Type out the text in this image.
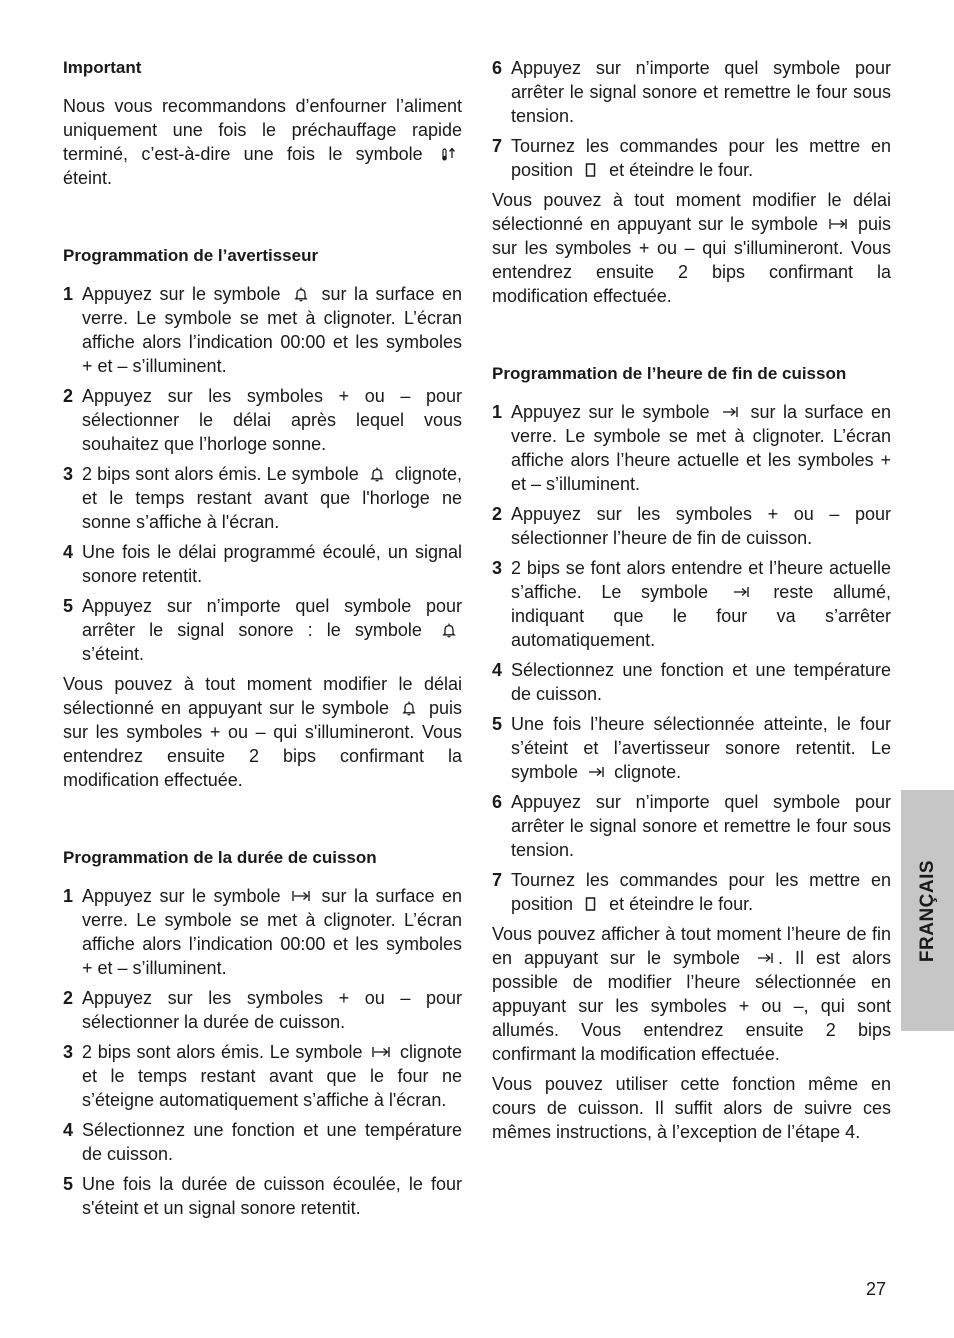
Important

Nous vous recommandons d’enfourner l’aliment uniquement une fois le préchauffage rapide terminé, c’est-à-dire une fois le symbole
éteint.

Programmation de l’avertisseur
1 Appuyez sur le symbole sur la surface en verre. Le symbole se met à clignoter. L’écran affiche alors l’indication 00:00 et les symboles + et – s’illuminent.
2 Appuyez sur les symboles + ou – pour sélectionner le délai après lequel vous souhaitez que l’horloge sonne.
3 2 bips sont alors émis. Le symbole clignote, et le temps restant avant que l'horloge ne sonne s’affiche à l'écran.
4 Une fois le délai programmé écoulé, un signal sonore retentit.
5 Appuyez sur n’importe quel symbole pour arrêter le signal sonore : le symbole
s’éteint.

Vous pouvez à tout moment modifier le délai sélectionné en appuyant sur le symbole puis sur les symboles + ou – qui s'illumineront. Vous entendrez ensuite 2 bips confirmant la modification effectuée.

Programmation de la durée de cuisson
1 Appuyez sur le symbole sur la surface en verre. Le symbole se met à clignoter. L’écran affiche alors l’indication 00:00 et les symboles + et – s’illuminent.
2 Appuyez sur les symboles + ou – pour sélectionner la durée de cuisson.
3 2 bips sont alors émis. Le symbole clignote et le temps restant avant que le four ne s’éteigne automatiquement s’affiche à l'écran.
4 Sélectionnez une fonction et une température de cuisson.
5 Une fois la durée de cuisson écoulée, le four s'éteint et un signal sonore retentit.
6 Appuyez sur n’importe quel symbole pour arrêter le signal sonore et remettre le four sous tension.
7 Tournez les commandes pour les mettre en position et éteindre le four.

Vous pouvez à tout moment modifier le délai sélectionné en appuyant sur le symbole puis sur les symboles + ou – qui s'illumineront. Vous entendrez ensuite 2 bips confirmant la modification effectuée.

Programmation de l’heure de fin de cuisson
1 Appuyez sur le symbole sur la surface en verre. Le symbole se met à clignoter. L’écran affiche alors l’heure actuelle et les symboles + et – s’illuminent.
2 Appuyez sur les symboles + ou – pour sélectionner l’heure de fin de cuisson.
3 2 bips se font alors entendre et l’heure actuelle s’affiche. Le symbole	reste allumé, indiquant que le four va s’arrêter automatiquement.
4 Sélectionnez une fonction et une température de cuisson.
5 Une fois l’heure sélectionnée atteinte, le four s’éteint et l’avertisseur sonore retentit. Le symbole clignote.
6 Appuyez sur n’importe quel symbole pour arrêter le signal sonore et remettre le four sous tension.
7 Tournez les commandes pour les mettre en position et éteindre le four.

Vous pouvez afficher à tout moment l’heure de fin en appuyant sur le symbole . Il est alors possible de modifier l’heure sélectionnée en appuyant sur les symboles + ou –, qui sont allumés. Vous entendrez ensuite 2 bips confirmant la modification effectuée.

Vous pouvez utiliser cette fonction même en cours de cuisson. Il suffit alors de suivre ces mêmes instructions, à l’exception de l’étape 4.

FRANÇAIS
27
